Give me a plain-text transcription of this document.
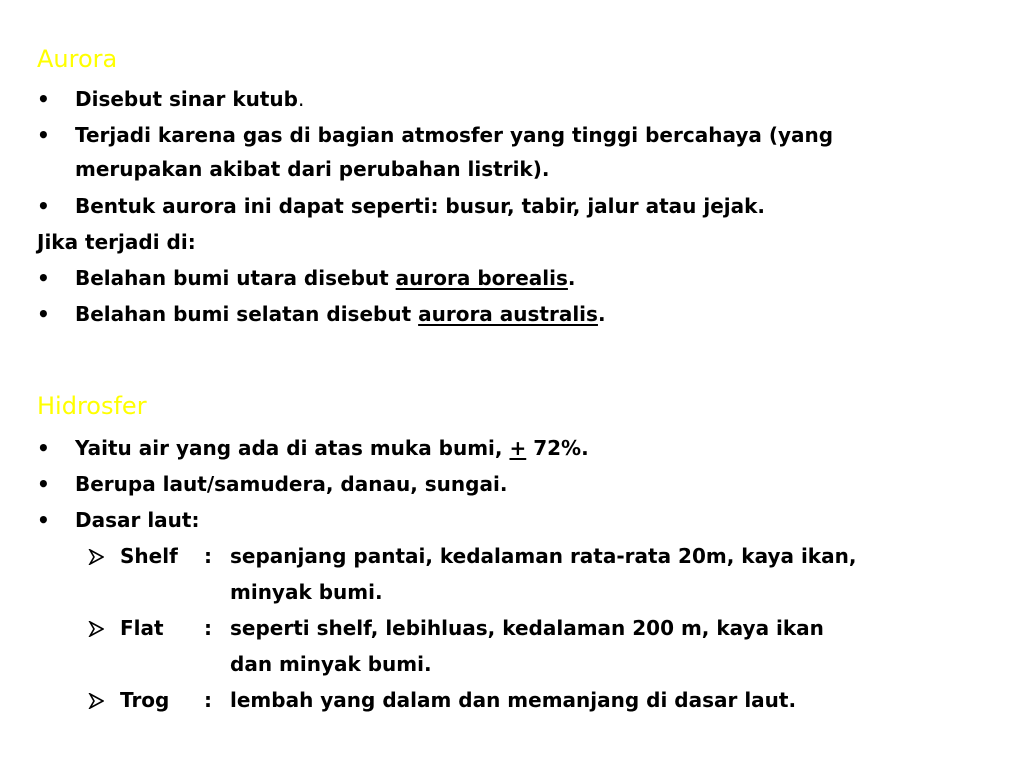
Aurora
• Disebut sinar kutub.
• Terjadi karena gas di bagian atmosfer yang tinggi bercahaya (yang
merupakan akibat dari perubahan listrik).
• Bentuk aurora ini dapat seperti: busur, tabir, jalur atau jejak.
Jika terjadi di:
• Belahan bumi utara disebut aurora borealis.
• Belahan bumi selatan disebut aurora australis.
Hidrosfer
• Yaitu air yang ada di atas muka bumi, + 72%.
• Berupa laut/samudera, danau, sungai.
• Dasar laut:
Shelf : sepanjang pantai, kedalaman rata-rata 20m, kaya ikan,
minyak bumi.
Flat : seperti shelf, lebihluas, kedalaman 200 m, kaya ikan
dan minyak bumi.
Trog : lembah yang dalam dan memanjang di dasar laut.
